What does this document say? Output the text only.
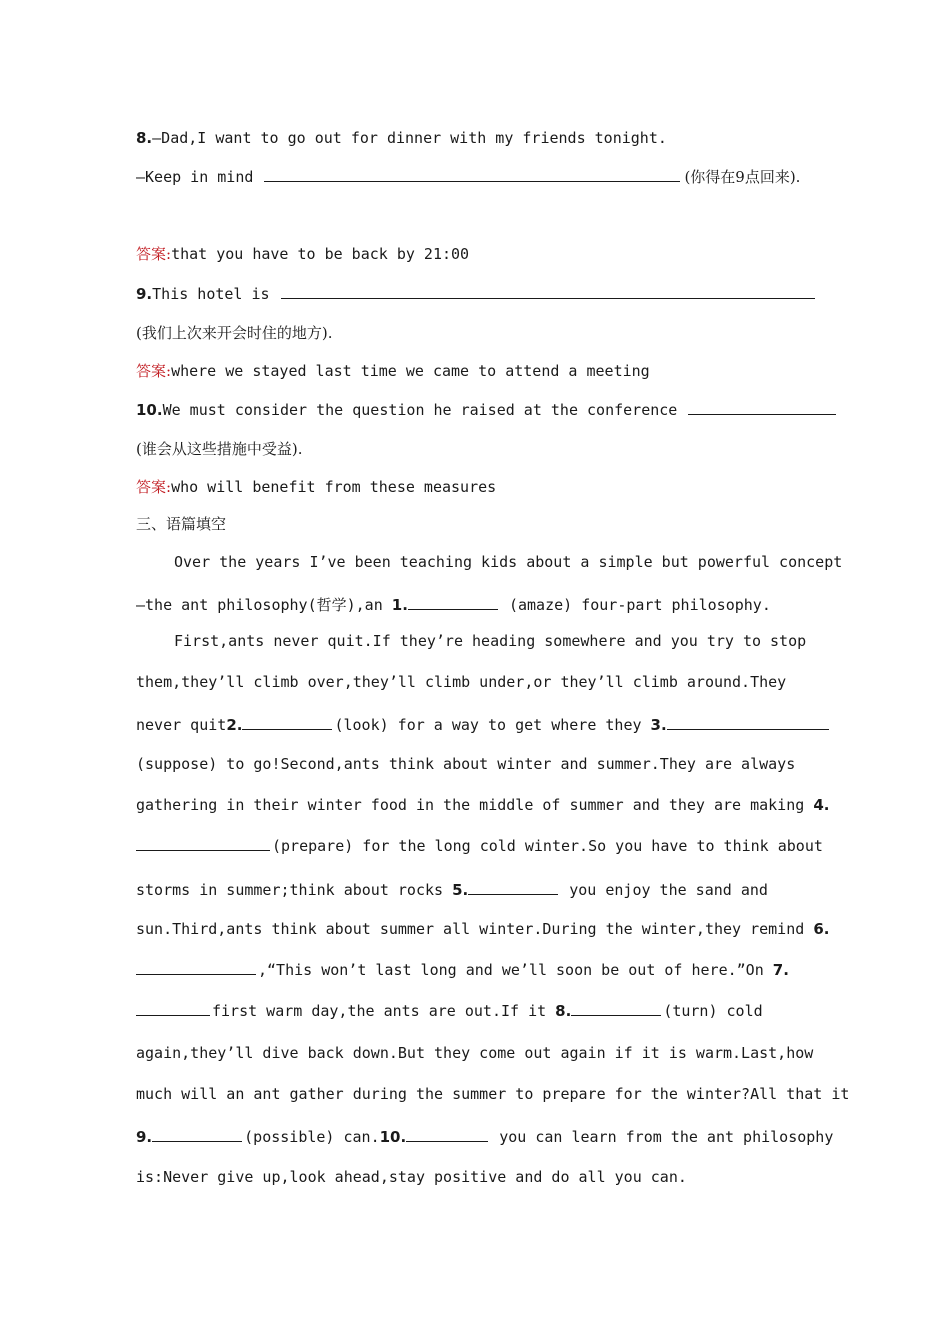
8.—Dad,I want to go out for dinner with my friends tonight.
—Keep in mind	(你得在9点回来).
答案:that you have to be back by 21:00
9.This hotel is
(我们上次来开会时住的地方).
答案:where we stayed last time we came to attend a meeting
10.We must consider the question he raised at the conference
(谁会从这些措施中受益).
答案:who will benefit from these measures
三、语篇填空
Over the years I’ve been teaching kids about a simple but powerful concept
—the ant philosophy(哲学),an 1.	(amaze) four-part philosophy.
First,ants never quit.If they’re heading somewhere and you try to stop
them,they’ll climb over,they’ll climb under,or they’ll climb around.They
never quit2.	(look) for a way to get where they 3.
(suppose) to go!Second,ants think about winter and summer.They are always
gathering in their winter food in the middle of summer and they are making 4.
(prepare) for the long cold winter.So you have to think about
storms in summer;think about rocks 5.	you enjoy the sand and
sun.Third,ants think about summer all winter.During the winter,they remind 6.
,“This won’t last long and we’ll soon be out of here.”On 7.
first warm day,the ants are out.If it 8.	(turn) cold
again,they’ll dive back down.But they come out again if it is warm.Last,how
much will an ant gather during the summer to prepare for the winter?All that it
9.	(possible) can.10.	you can learn from the ant philosophy
is:Never give up,look ahead,stay positive and do all you can.
